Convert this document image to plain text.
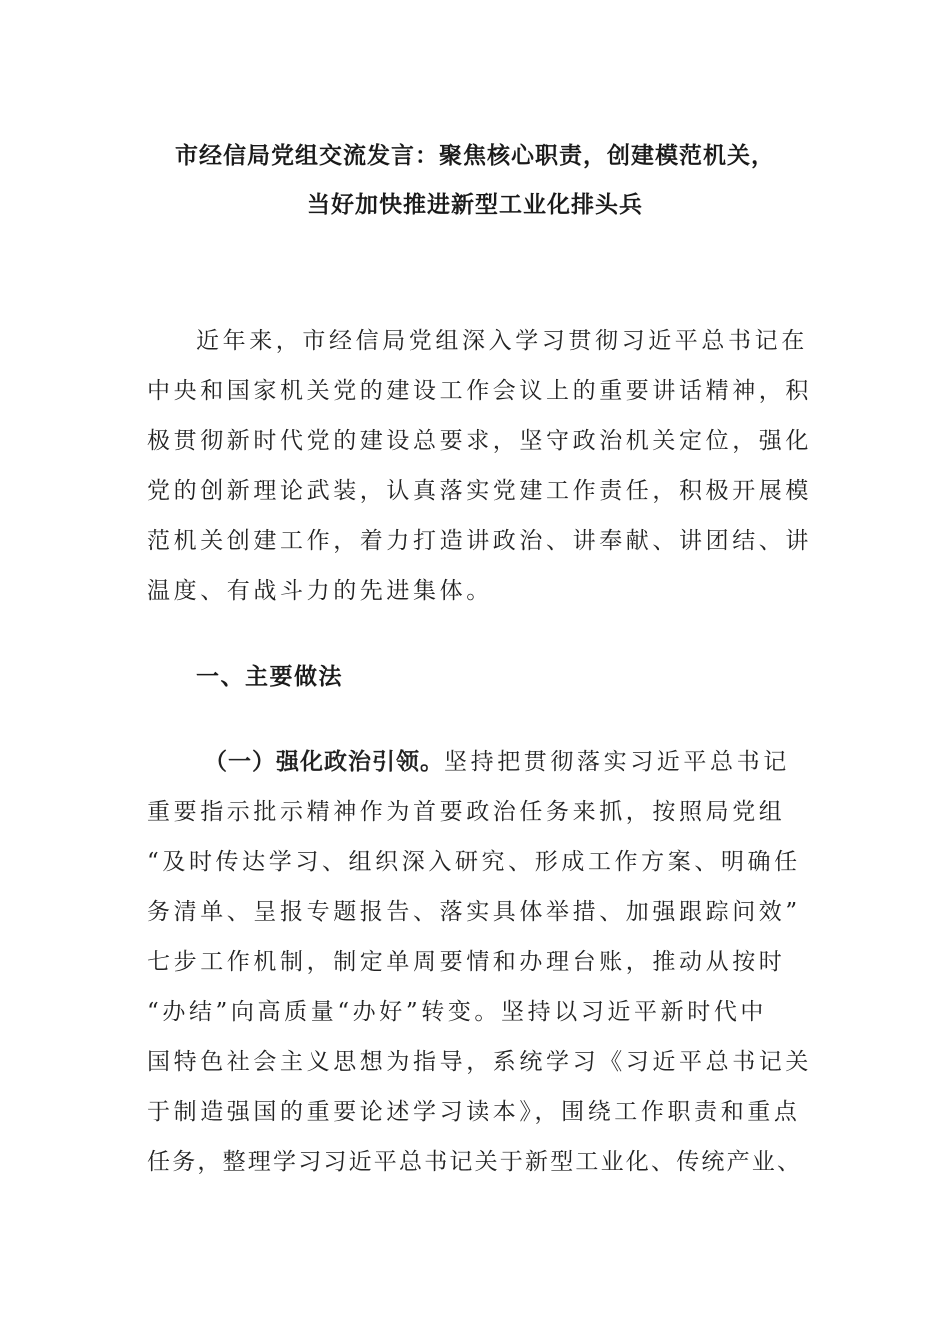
市经信局党组交流发言：聚焦核心职责，创建模范机关，
当好加快推进新型工业化排头兵
近年来，市经信局党组深入学习贯彻习近平总书记在
中央和国家机关党的建设工作会议上的重要讲话精神，积
极贯彻新时代党的建设总要求，坚守政治机关定位，强化
党的创新理论武装，认真落实党建工作责任，积极开展模
范机关创建工作，着力打造讲政治、讲奉献、讲团结、讲
温度、有战斗力的先进集体。
一、主要做法
（一）强化政治引领。坚持把贯彻落实习近平总书记
重要指示批示精神作为首要政治任务来抓，按照局党组
“及时传达学习、组织深入研究、形成工作方案、明确任
务清单、呈报专题报告、落实具体举措、加强跟踪问效”
七步工作机制，制定单周要情和办理台账，推动从按时
“办结”向高质量“办好”转变。坚持以习近平新时代中
国特色社会主义思想为指导，系统学习《习近平总书记关
于制造强国的重要论述学习读本》，围绕工作职责和重点
任务，整理学习习近平总书记关于新型工业化、传统产业、
